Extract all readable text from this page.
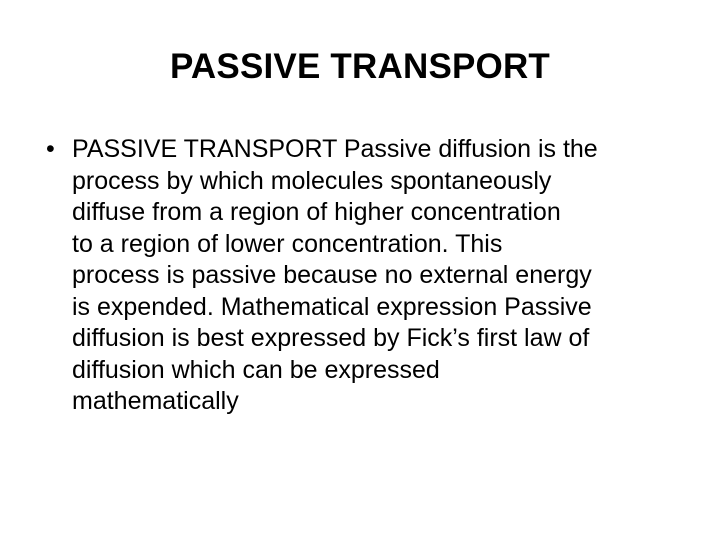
PASSIVE TRANSPORT
• PASSIVE TRANSPORT Passive diffusion is the
process by which molecules spontaneously
diffuse from a region of higher concentration
to a region of lower concentration. This
process is passive because no external energy
is expended. Mathematical expression Passive
diffusion is best expressed by Fick’s first law of
diffusion which can be expressed
mathematically
